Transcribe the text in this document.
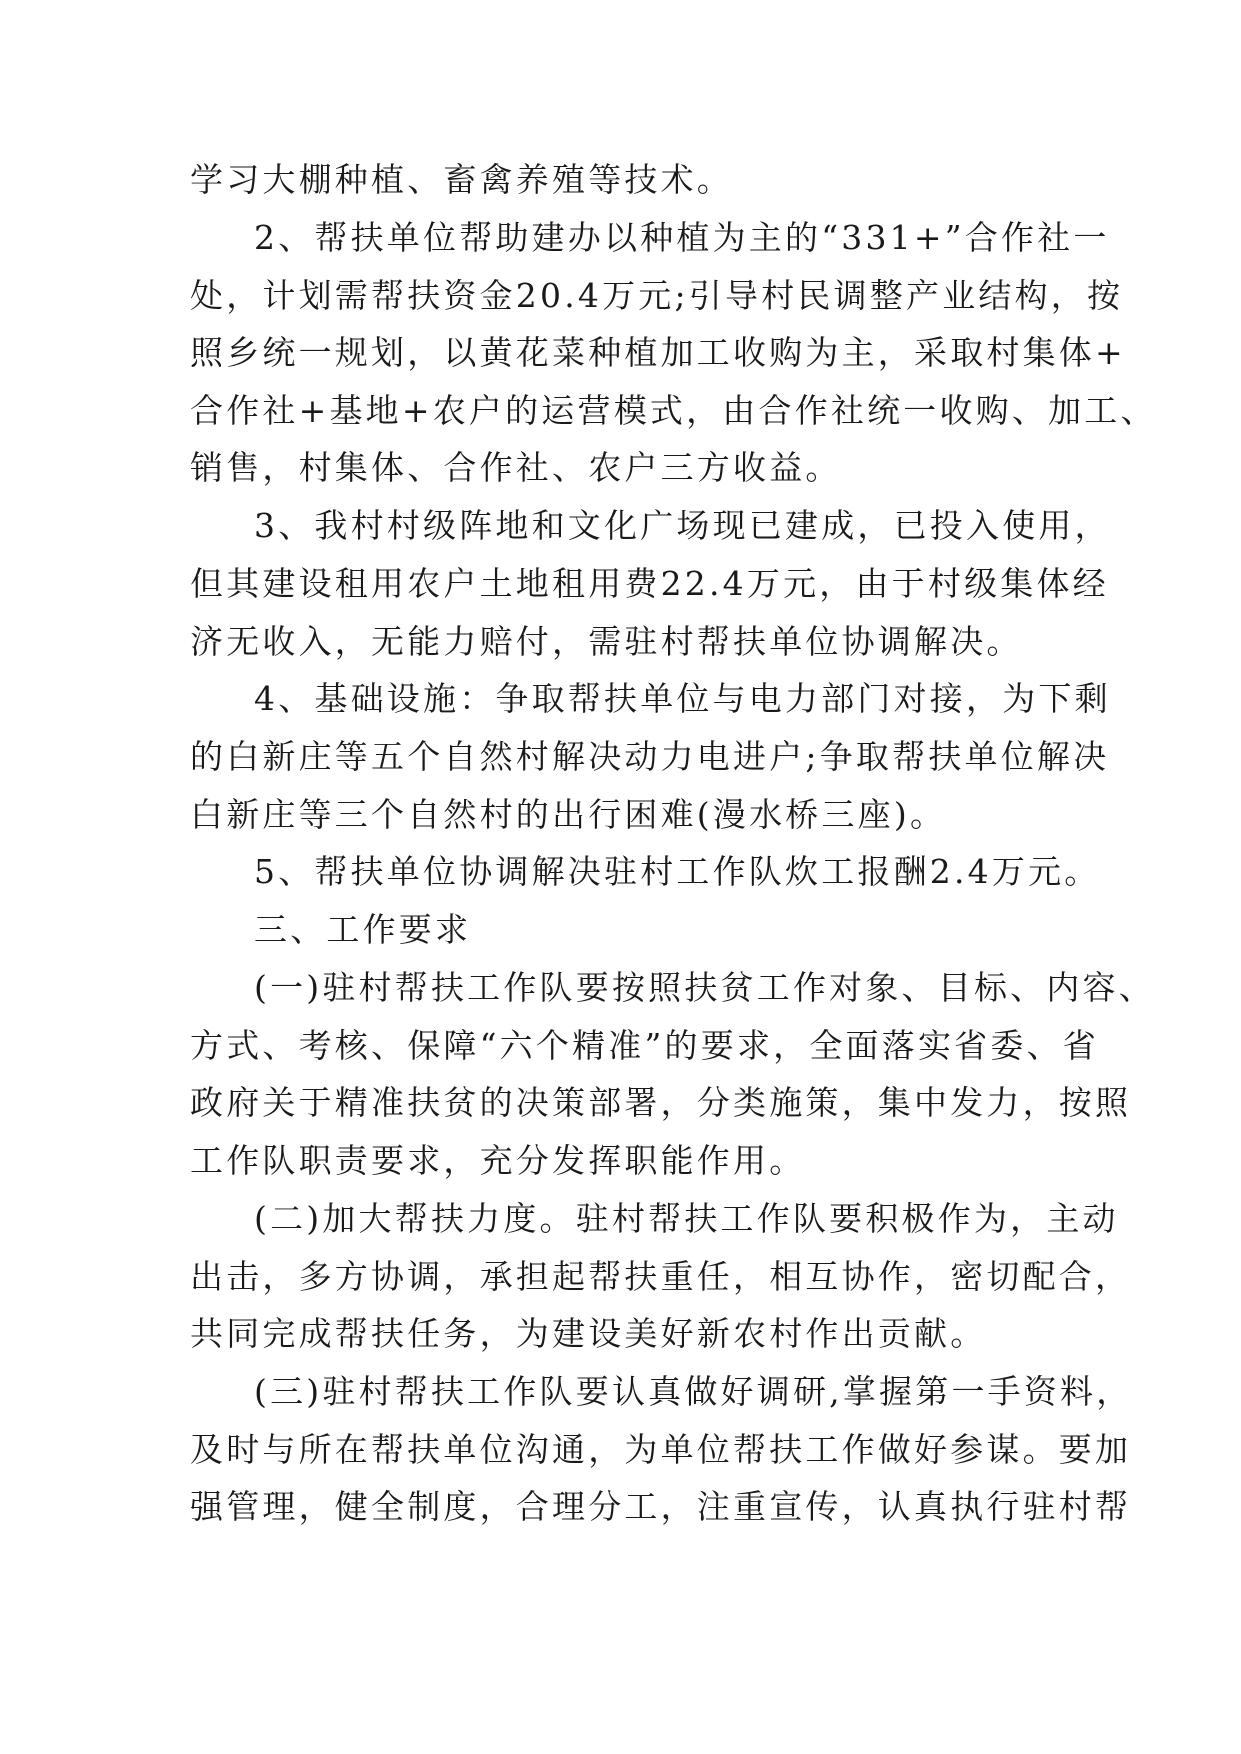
学习大棚种植、畜禽养殖等技术。
2、帮扶单位帮助建办以种植为主的“331+”合作社一
处，计划需帮扶资金20.4万元;引导村民调整产业结构，按
照乡统一规划，以黄花菜种植加工收购为主，采取村集体+
合作社+基地+农户的运营模式，由合作社统一收购、加工、
销售，村集体、合作社、农户三方收益。
3、我村村级阵地和文化广场现已建成，已投入使用，
但其建设租用农户土地租用费22.4万元，由于村级集体经
济无收入，无能力赔付，需驻村帮扶单位协调解决。
4、基础设施：争取帮扶单位与电力部门对接，为下剩
的白新庄等五个自然村解决动力电进户;争取帮扶单位解决
白新庄等三个自然村的出行困难(漫水桥三座)。
5、帮扶单位协调解决驻村工作队炊工报酬2.4万元。
三、工作要求
(一)驻村帮扶工作队要按照扶贫工作对象、目标、内容、
方式、考核、保障“六个精准”的要求，全面落实省委、省
政府关于精准扶贫的决策部署，分类施策，集中发力，按照
工作队职责要求，充分发挥职能作用。
(二)加大帮扶力度。驻村帮扶工作队要积极作为，主动
出击，多方协调，承担起帮扶重任，相互协作，密切配合，
共同完成帮扶任务，为建设美好新农村作出贡献。
(三)驻村帮扶工作队要认真做好调研,掌握第一手资料，
及时与所在帮扶单位沟通，为单位帮扶工作做好参谋。要加
强管理，健全制度，合理分工，注重宣传，认真执行驻村帮
